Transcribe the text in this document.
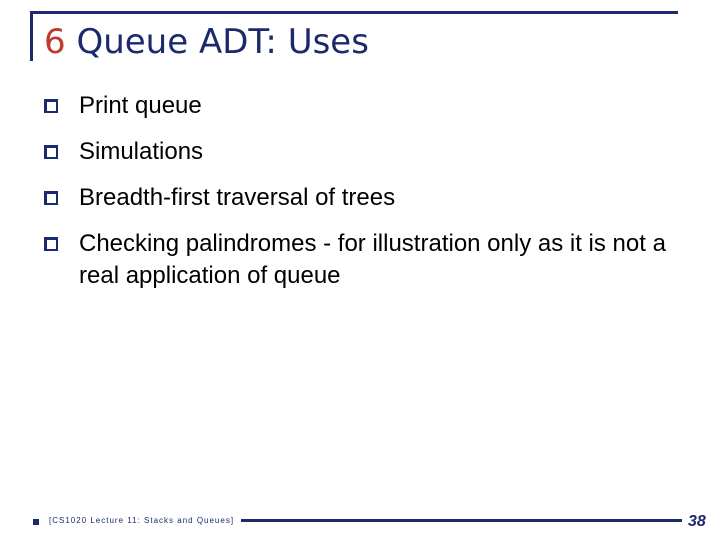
6 Queue ADT: Uses
Print queue
Simulations
Breadth-first traversal of trees
Checking palindromes - for illustration only as it is not a real application of queue
[CS1020 Lecture 11: Stacks and Queues]	38
